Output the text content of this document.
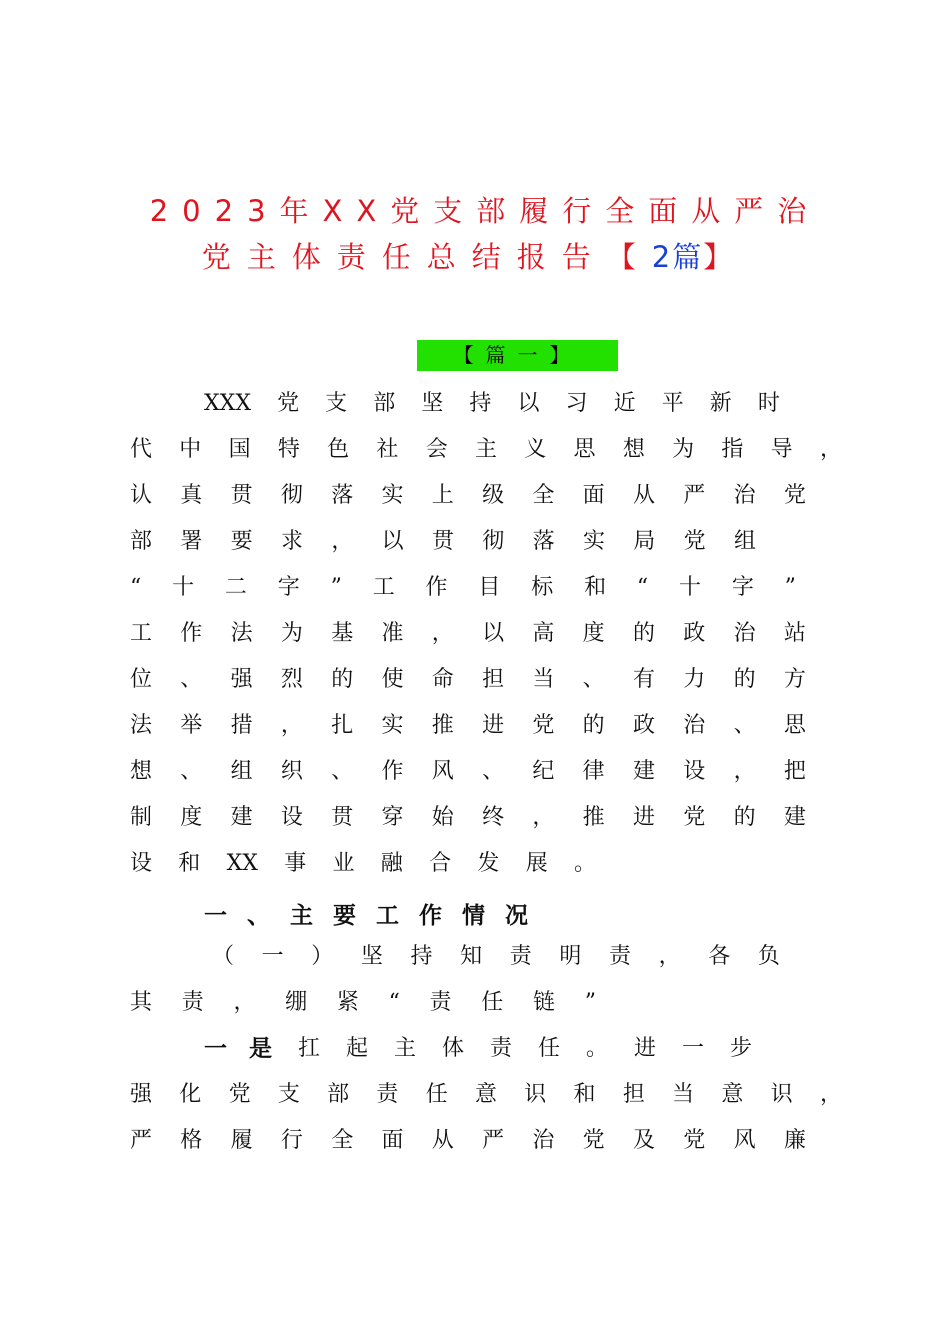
2023年XX党支部履行全面从严治
党主体责任总结报告【2篇】
【篇一】
XXX 党 支 部 坚 持 以 习 近 平 新 时
代 中 国 特 色 社 会 主 义 思 想 为 指 导 ，
认 真 贯 彻 落 实 上 级 全 面 从 严 治 党
部 署 要 求 ， 以 贯 彻 落 实 局 党 组
“ 十 二 字 ” 工 作 目 标 和 “ 十 字 ”
工 作 法 为 基 准 ， 以 高 度 的 政 治 站
位 、 强 烈 的 使 命 担 当 、 有 力 的 方
法 举 措 ， 扎 实 推 进 党 的 政 治 、 思
想 、 组 织 、 作 风 、 纪 律 建 设 ， 把
制 度 建 设 贯 穿 始 终 ， 推 进 党 的 建
设 和 XX 事 业 融 合 发 展 。
一、主要工作情况
（ 一 ） 坚 持 知 责 明 责 ， 各 负
其 责 ， 绷 紧 “ 责 任 链 ”
一是 扛起主体责任。进一步
强 化 党 支 部 责 任 意 识 和 担 当 意 识 ，
严 格 履 行 全 面 从 严 治 党 及 党 风 廉
